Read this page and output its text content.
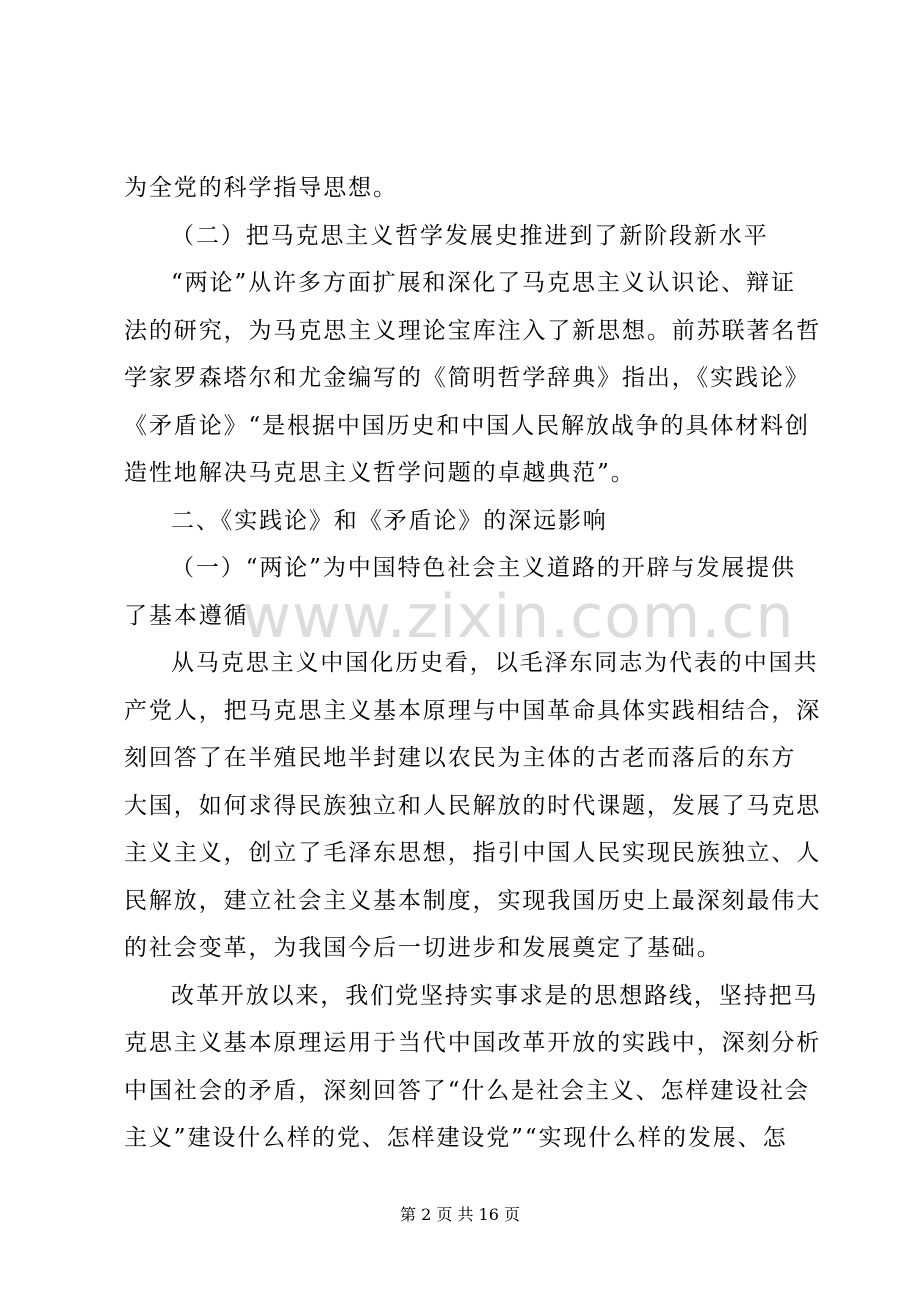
为全党的科学指导思想。
（二）把马克思主义哲学发展史推进到了新阶段新水平
“两论”从许多方面扩展和深化了马克思主义认识论、辩证
法的研究，为马克思主义理论宝库注入了新思想。前苏联著名哲
学家罗森塔尔和尤金编写的《简明哲学辞典》指出，《实践论》
《矛盾论》“是根据中国历史和中国人民解放战争的具体材料创
造性地解决马克思主义哲学问题的卓越典范”。
二、《实践论》和《矛盾论》的深远影响
（一）“两论”为中国特色社会主义道路的开辟与发展提供
了基本遵循
从马克思主义中国化历史看，以毛泽东同志为代表的中国共
产党人，把马克思主义基本原理与中国革命具体实践相结合，深
刻回答了在半殖民地半封建以农民为主体的古老而落后的东方
大国，如何求得民族独立和人民解放的时代课题，发展了马克思
主义主义，创立了毛泽东思想，指引中国人民实现民族独立、人
民解放，建立社会主义基本制度，实现我国历史上最深刻最伟大
的社会变革，为我国今后一切进步和发展奠定了基础。
改革开放以来，我们党坚持实事求是的思想路线，坚持把马
克思主义基本原理运用于当代中国改革开放的实践中，深刻分析
中国社会的矛盾，深刻回答了“什么是社会主义、怎样建设社会
主义”建设什么样的党、怎样建设党”“实现什么样的发展、怎
www.zixin.com.cn
第 2 页 共 16 页
